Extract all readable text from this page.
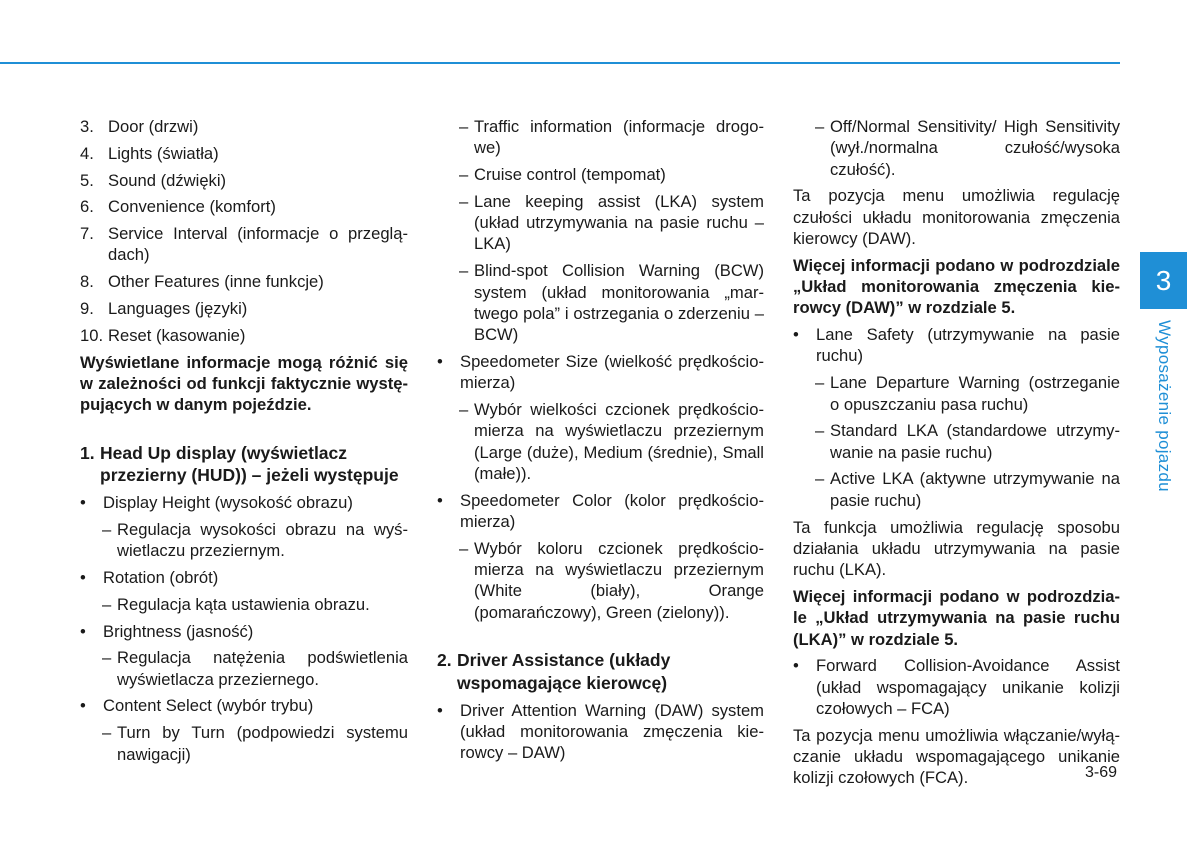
3. Door (drzwi)
4. Lights (światła)
5. Sound (dźwięki)
6. Convenience (komfort)
7. Service Interval (informacje o przeglą-dach)
8. Other Features (inne funkcje)
9. Languages (języki)
10. Reset (kasowanie)
Wyświetlane informacje mogą różnić się w zależności od funkcji faktycznie wystę-pujących w danym pojeździe.
1. Head Up display (wyświetlacz przezierny (HUD)) – jeżeli występuje
•	Display Height (wysokość obrazu)
– Regulacja wysokości obrazu na wyś-wietlaczu przeziernym.
•	Rotation (obrót)
– Regulacja kąta ustawienia obrazu.
•	Brightness (jasność)
– Regulacja natężenia podświetlenia wyświetlacza przeziernego.
•	Content Select (wybór trybu)
– Turn by Turn (podpowiedzi systemu nawigacji)
– Traffic information (informacje drogo-we)
– Cruise control (tempomat)
– Lane keeping assist (LKA) system (układ utrzymywania na pasie ruchu – LKA)
– Blind-spot Collision Warning (BCW) system (układ monitorowania „mar-twego pola” i ostrzegania o zderzeniu – BCW)
•	Speedometer Size (wielkość prędkościo-mierza)
– Wybór wielkości czcionek prędkościo-mierza na wyświetlaczu przeziernym (Large (duże), Medium (średnie), Small (małe)).
•	Speedometer Color (kolor prędkościo-mierza)
– Wybór koloru czcionek prędkościo-mierza na wyświetlaczu przeziernym (White (biały), Orange (pomarańczowy), Green (zielony)).
2. Driver Assistance (układy wspomagające kierowcę)
•	Driver Attention Warning (DAW) system (układ monitorowania zmęczenia kie-rowcy – DAW)
– Off/Normal Sensitivity/ High Sensitivity (wył./normalna czułość/wysoka czułość).
Ta pozycja menu umożliwia regulację czułości układu monitorowania zmęczenia kierowcy (DAW).
Więcej informacji podano w podrozdziale „Układ monitorowania zmęczenia kie-rowcy (DAW)” w rozdziale 5.
•	Lane Safety (utrzymywanie na pasie ruchu)
– Lane Departure Warning (ostrzeganie o opuszczaniu pasa ruchu)
– Standard LKA (standardowe utrzymy-wanie na pasie ruchu)
– Active LKA (aktywne utrzymywanie na pasie ruchu)
Ta funkcja umożliwia regulację sposobu działania układu utrzymywania na pasie ruchu (LKA).
Więcej informacji podano w podrozdzia-le „Układ utrzymywania na pasie ruchu (LKA)” w rozdziale 5.
•	Forward Collision-Avoidance Assist (układ wspomagający unikanie kolizji czołowych – FCA)
Ta pozycja menu umożliwia włączanie/wyłą-czanie układu wspomagającego unikanie kolizji czołowych (FCA).
3
Wyposażenie pojazdu
3-69
